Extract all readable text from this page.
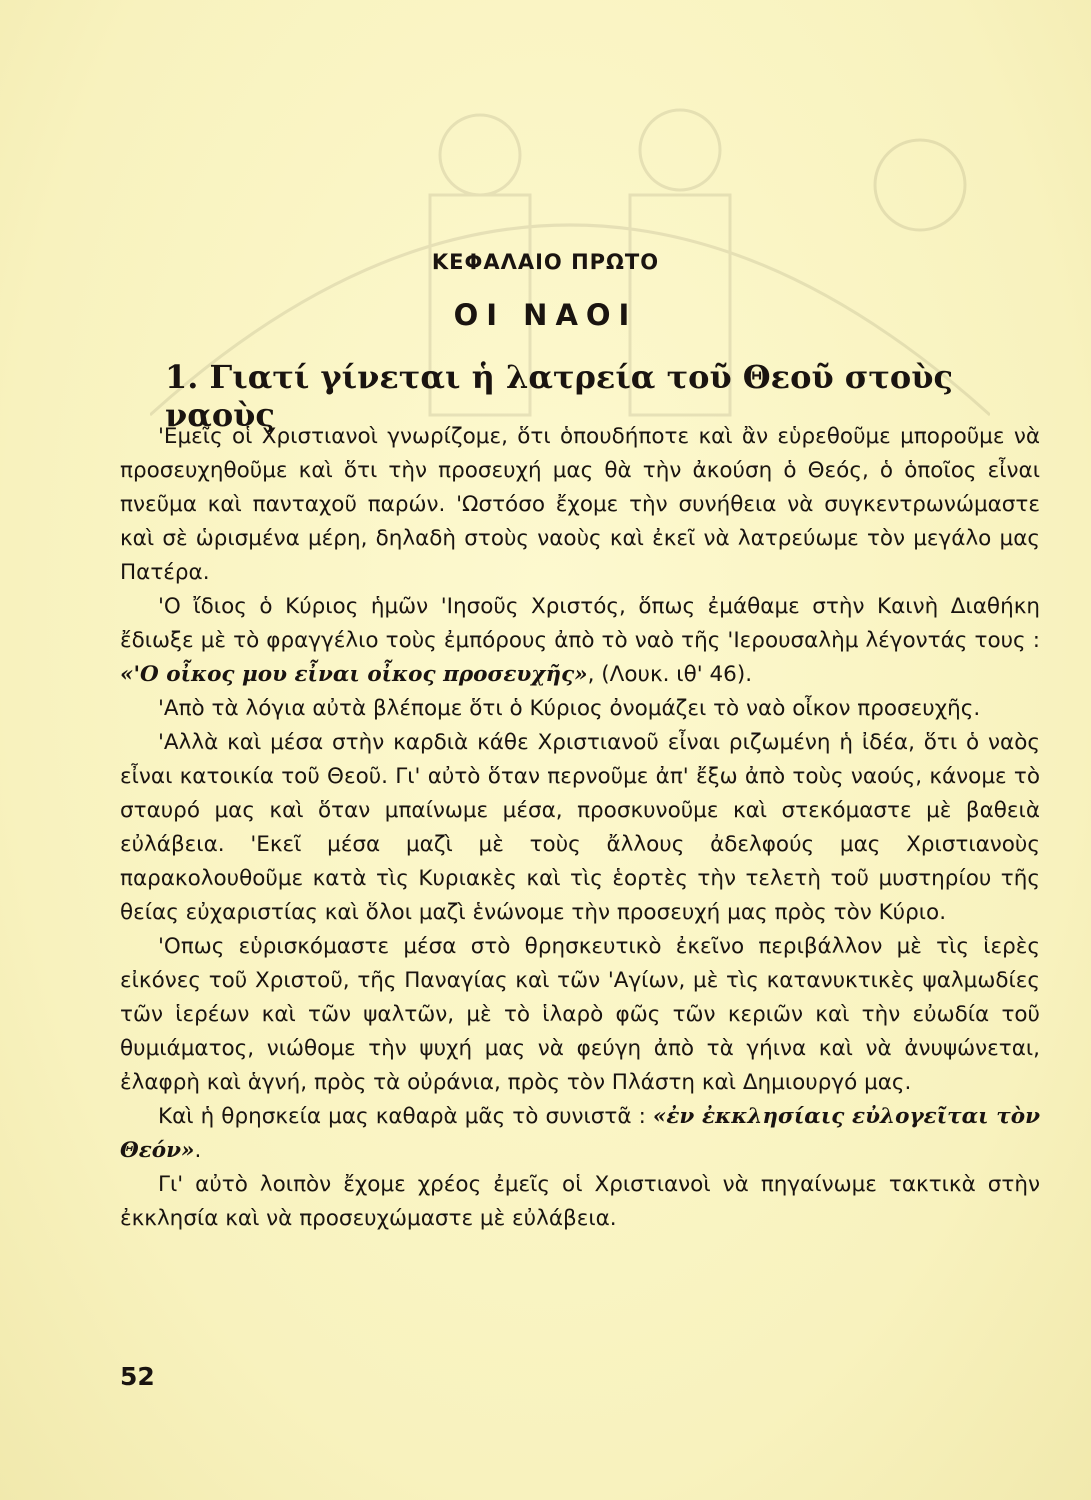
ΚΕΦΑΛΑΙΟ ΠΡΩΤΟ
ΟΙ ΝΑΟΙ
1. Γιατί γίνεται ἡ λατρεία τοῦ Θεοῦ στοὺς ναοὺς

'Εμεῖς οἱ Χριστιανοὶ γνωρίζομε, ὅτι ὁπουδήποτε καὶ ἂν εὑρεθοῦμε μποροῦμε νὰ προσευχηθοῦμε καὶ ὅτι τὴν προσευχή μας θὰ τὴν ἀκούση ὁ Θεός, ὁ ὁποῖος εἶναι πνεῦμα καὶ πανταχοῦ παρών. 'Ωστόσο ἔχομε τὴν συνήθεια νὰ συγκεντρωνώμαστε καὶ σὲ ὡρισμένα μέρη, δηλαδὴ στοὺς ναοὺς καὶ ἐκεῖ νὰ λατρεύωμε τὸν μεγάλο μας Πατέρα.

'Ο ἴδιος ὁ Κύριος ἡμῶν 'Ιησοῦς Χριστός, ὅπως ἐμάθαμε στὴν Καινὴ Διαθήκη ἔδιωξε μὲ τὸ φραγγέλιο τοὺς ἐμπόρους ἀπὸ τὸ ναὸ τῆς 'Ιερουσαλὴμ λέγοντάς τους : «'Ο οἶκος μου εἶναι οἶκος προσευχῆς», (Λουκ. ιθ' 46).

'Απὸ τὰ λόγια αὐτὰ βλέπομε ὅτι ὁ Κύριος ὀνομάζει τὸ ναὸ οἶκον προσευχῆς.

'Αλλὰ καὶ μέσα στὴν καρδιὰ κάθε Χριστιανοῦ εἶναι ριζωμένη ἡ ἰδέα, ὅτι ὁ ναὸς εἶναι κατοικία τοῦ Θεοῦ. Γι' αὐτὸ ὅταν περνοῦμε ἀπ' ἔξω ἀπὸ τοὺς ναούς, κάνομε τὸ σταυρό μας καὶ ὅταν μπαίνωμε μέσα, προσκυνοῦμε καὶ στεκόμαστε μὲ βαθειὰ εὐλάβεια. 'Εκεῖ μέσα μαζὶ μὲ τοὺς ἄλλους ἀδελφούς μας Χριστιανοὺς παρακολουθοῦμε κατὰ τὶς Κυριακὲς καὶ τὶς ἑορτὲς τὴν τελετὴ τοῦ μυστηρίου τῆς θείας εὐχαριστίας καὶ ὅλοι μαζὶ ἑνώνομε τὴν προσευχή μας πρὸς τὸν Κύριο.

'Οπως εὑρισκόμαστε μέσα στὸ θρησκευτικὸ ἐκεῖνο περιβάλλον μὲ τὶς ἱερὲς εἰκόνες τοῦ Χριστοῦ, τῆς Παναγίας καὶ τῶν 'Αγίων, μὲ τὶς κατανυκτικὲς ψαλμωδίες τῶν ἱερέων καὶ τῶν ψαλτῶν, μὲ τὸ ἱλαρὸ φῶς τῶν κεριῶν καὶ τὴν εὐωδία τοῦ θυμιάματος, νιώθομε τὴν ψυχή μας νὰ φεύγη ἀπὸ τὰ γήινα καὶ νὰ ἀνυψώνεται, ἐλαφρὴ καὶ ἁγνή, πρὸς τὰ οὐράνια, πρὸς τὸν Πλάστη καὶ Δημιουργό μας.

Καὶ ἡ θρησκεία μας καθαρὰ μᾶς τὸ συνιστᾶ : «ἐν ἐκκλησίαις εὐλογεῖται τὸν Θεόν».

Γι' αὐτὸ λοιπὸν ἔχομε χρέος ἐμεῖς οἱ Χριστιανοὶ νὰ πηγαίνωμε τακτικὰ στὴν ἐκκλησία καὶ νὰ προσευχώμαστε μὲ εὐλάβεια.

52
